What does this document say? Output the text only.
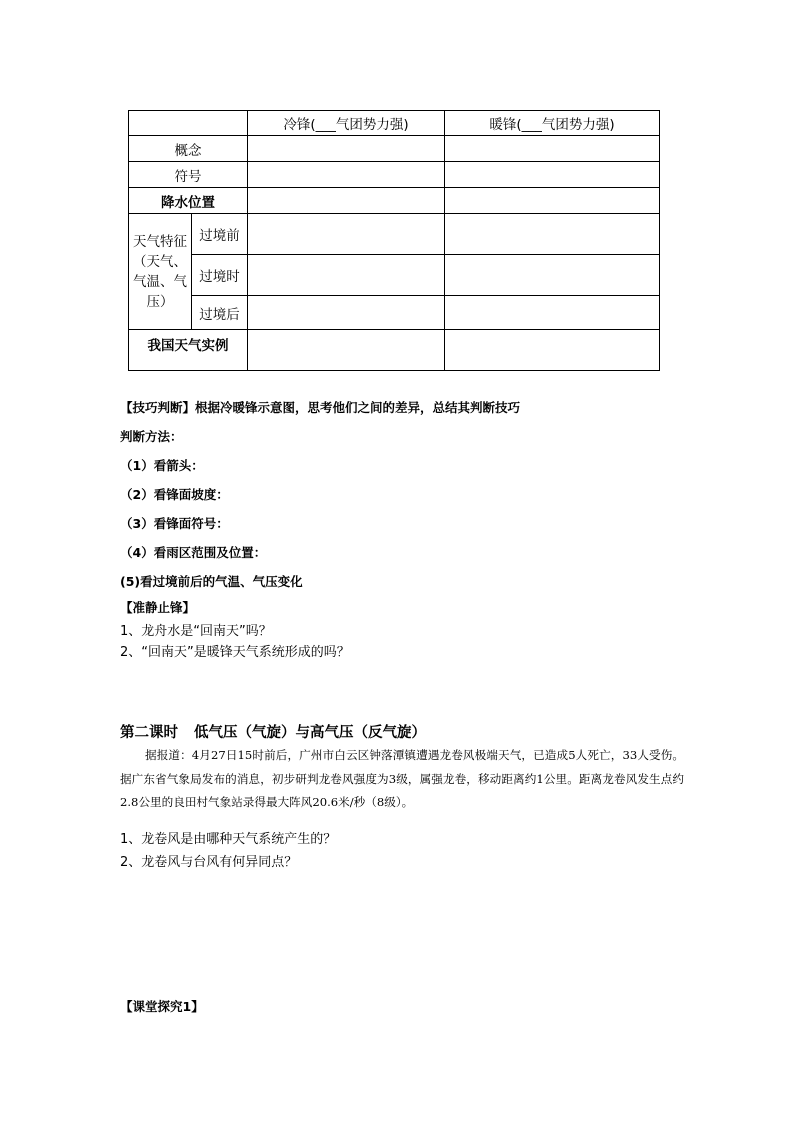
		冷锋(___气团势力强)	暖锋(___气团势力强)
概念			
符号			
降水位置			
天气特征（天气、气温、气压）	过境前		
	过境时		
	过境后		
我国天气实例			
【技巧判断】根据冷暖锋示意图，思考他们之间的差异，总结其判断技巧
判断方法：
（1）看箭头：
（2）看锋面坡度：
（3）看锋面符号：
（4）看雨区范围及位置：
(5)看过境前后的气温、气压变化
【准静止锋】
1、龙舟水是“回南天”吗？
2、“回南天”是暖锋天气系统形成的吗？
第二课时 低气压（气旋）与高气压（反气旋）
据报道：4月27日15时前后，广州市白云区钟落潭镇遭遇龙卷风极端天气，已造成5人死亡，33人受伤。据广东省气象局发布的消息，初步研判龙卷风强度为3级，属强龙卷，移动距离约1公里。距离龙卷风发生点约2.8公里的良田村气象站录得最大阵风20.6米/秒（8级）。
1、龙卷风是由哪种天气系统产生的？
2、龙卷风与台风有何异同点？
【课堂探究1】
